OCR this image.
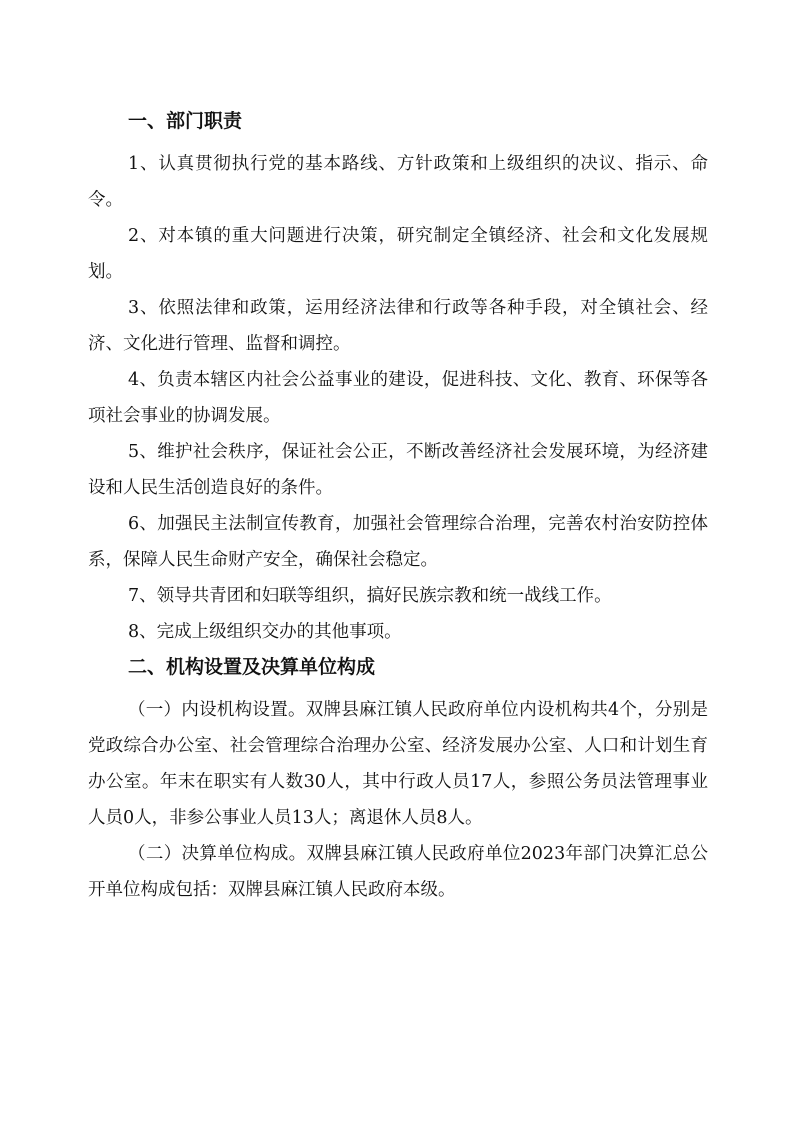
一、部门职责

1、认真贯彻执行党的基本路线、方针政策和上级组织的决议、指示、命令。

2、对本镇的重大问题进行决策，研究制定全镇经济、社会和文化发展规划。

3、依照法律和政策，运用经济法律和行政等各种手段，对全镇社会、经济、文化进行管理、监督和调控。

4、负责本辖区内社会公益事业的建设，促进科技、文化、教育、环保等各项社会事业的协调发展。

5、维护社会秩序，保证社会公正，不断改善经济社会发展环境，为经济建设和人民生活创造良好的条件。

6、加强民主法制宣传教育，加强社会管理综合治理，完善农村治安防控体系，保障人民生命财产安全，确保社会稳定。

7、领导共青团和妇联等组织，搞好民族宗教和统一战线工作。

8、完成上级组织交办的其他事项。

二、机构设置及决算单位构成

（一）内设机构设置。双牌县麻江镇人民政府单位内设机构共4个，分别是党政综合办公室、社会管理综合治理办公室、经济发展办公室、人口和计划生育办公室。年末在职实有人数30人，其中行政人员17人，参照公务员法管理事业人员0人，非参公事业人员13人；离退休人员8人。

（二）决算单位构成。双牌县麻江镇人民政府单位2023年部门决算汇总公开单位构成包括：双牌县麻江镇人民政府本级。
